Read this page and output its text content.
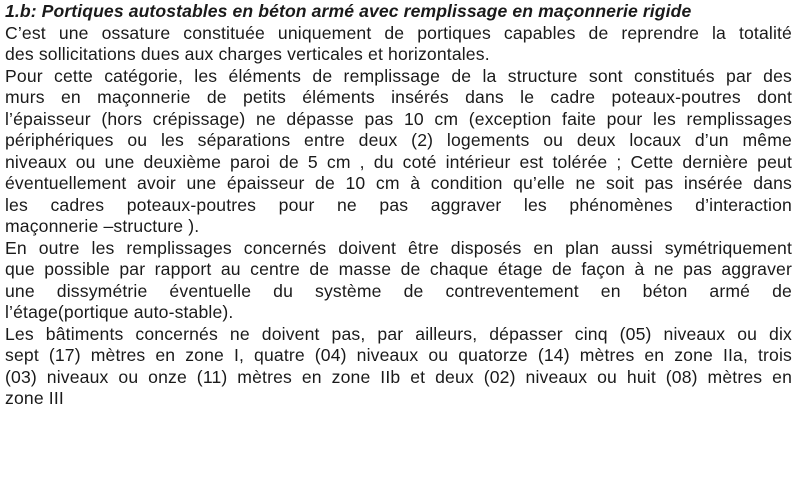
1.b: Portiques autostables en béton armé avec remplissage en maçonnerie rigide

C’est une ossature constituée uniquement de portiques capables de reprendre la totalité
des sollicitations dues aux charges verticales et horizontales.
Pour cette catégorie, les éléments de remplissage de la structure sont constitués par des
murs en maçonnerie de petits éléments insérés dans le cadre poteaux-poutres dont
l’épaisseur (hors crépissage) ne dépasse pas 10 cm (exception faite pour les remplissages
périphériques ou les séparations entre deux (2) logements ou deux locaux d’un même
niveaux ou une deuxième paroi de 5 cm , du coté intérieur est tolérée ; Cette dernière peut
éventuellement avoir une épaisseur de 10 cm à condition qu’elle ne soit pas insérée dans
les cadres poteaux-poutres pour ne pas aggraver les phénomènes d’interaction
maçonnerie –structure ).
En outre les remplissages concernés doivent être disposés en plan aussi symétriquement
que possible par rapport au centre de masse de chaque étage de façon à ne pas aggraver
une dissymétrie éventuelle du système de contreventement en béton armé de
l’étage(portique auto-stable).
Les bâtiments concernés ne doivent pas, par ailleurs, dépasser cinq (05) niveaux ou dix
sept (17) mètres en zone I, quatre (04) niveaux ou quatorze (14) mètres en zone IIa, trois
(03) niveaux ou onze (11) mètres en zone IIb et deux (02) niveaux ou huit (08) mètres en
zone III
